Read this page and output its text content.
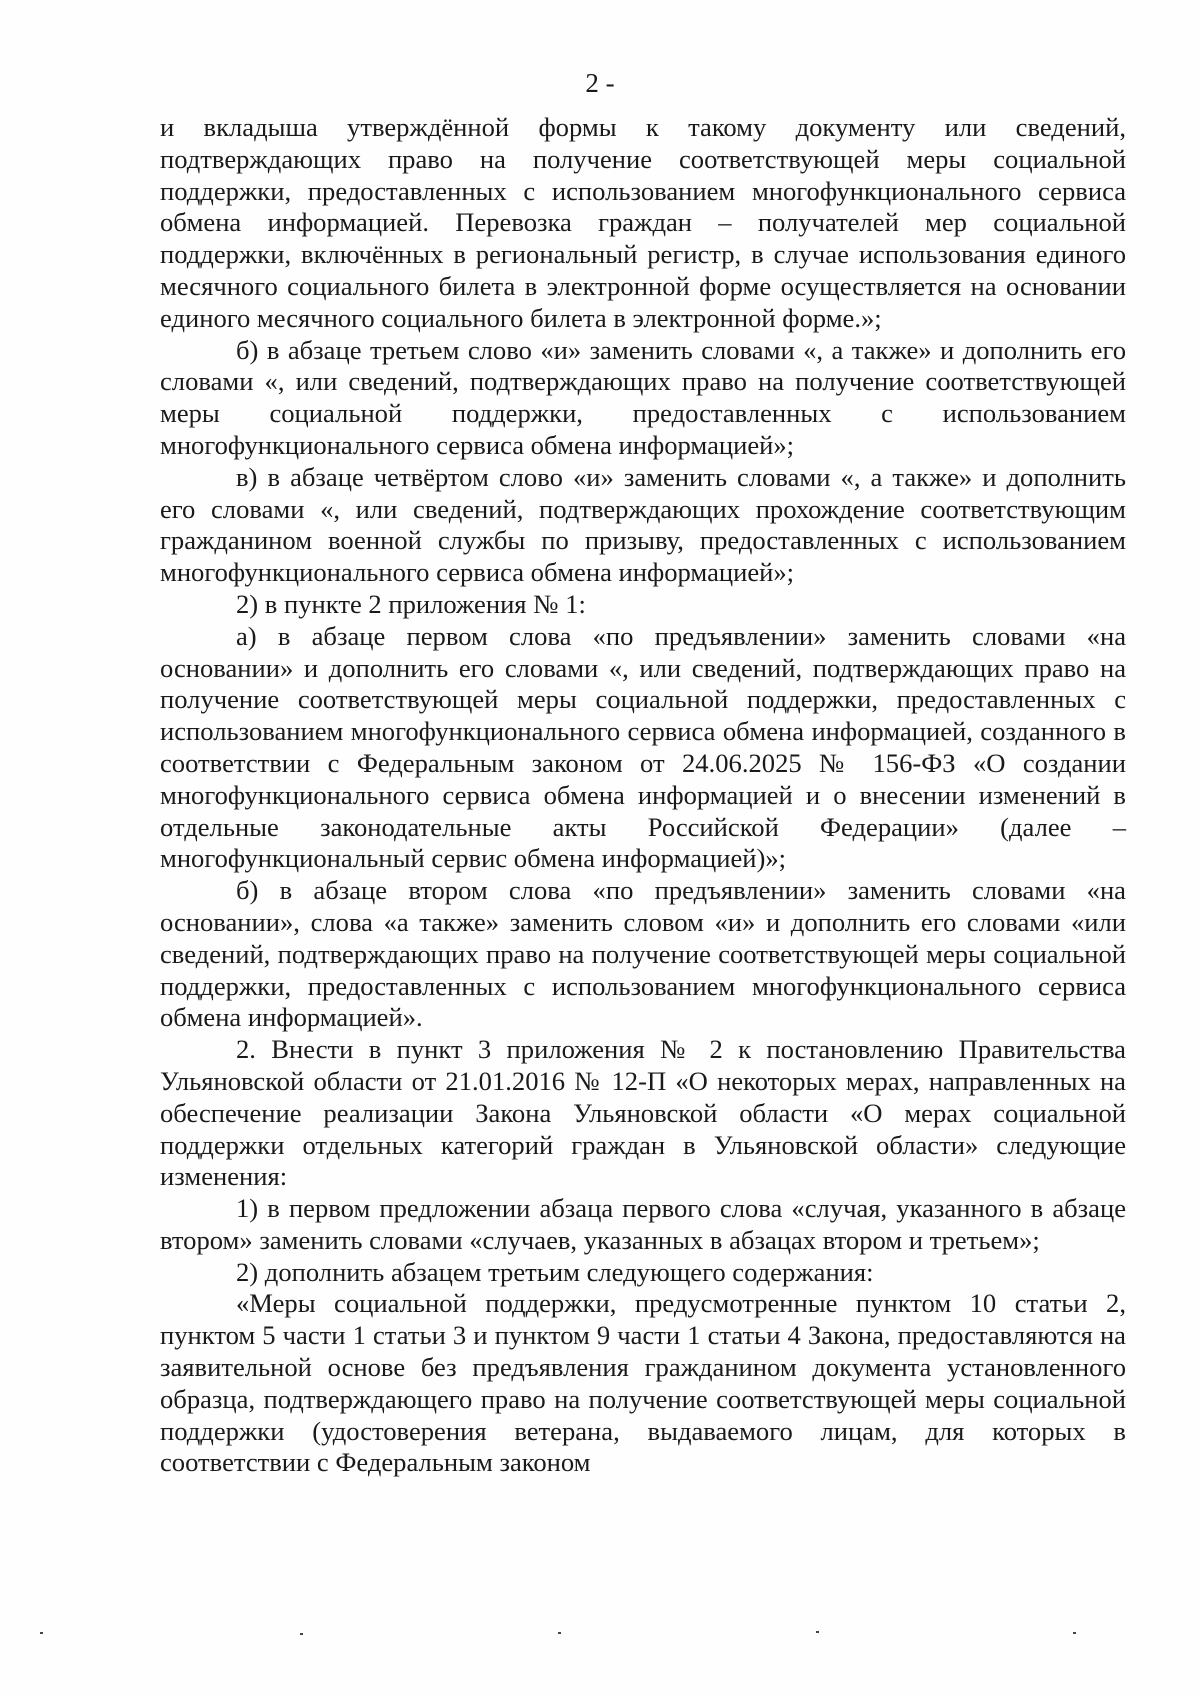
2 -

и вкладыша утверждённой формы к такому документу или сведений, подтверждающих право на получение соответствующей меры социальной поддержки, предоставленных с использованием многофункционального сервиса обмена информацией. Перевозка граждан – получателей мер социальной поддержки, включённых в региональный регистр, в случае использования единого месячного социального билета в электронной форме осуществляется на основании единого месячного социального билета в электронной форме.»;

б) в абзаце третьем слово «и» заменить словами «, а также» и дополнить его словами «, или сведений, подтверждающих право на получение соответствующей меры социальной поддержки, предоставленных с использованием многофункционального сервиса обмена информацией»;

в) в абзаце четвёртом слово «и» заменить словами «, а также» и дополнить его словами «, или сведений, подтверждающих прохождение соответствующим гражданином военной службы по призыву, предоставленных с использованием многофункционального сервиса обмена информацией»;

2) в пункте 2 приложения № 1:

а) в абзаце первом слова «по предъявлении» заменить словами «на основании» и дополнить его словами «, или сведений, подтверждающих право на получение соответствующей меры социальной поддержки, предоставленных с использованием многофункционального сервиса обмена информацией, созданного в соответствии с Федеральным законом от 24.06.2025 № 156-ФЗ «О создании многофункционального сервиса обмена информацией и о внесении изменений в отдельные законодательные акты Российской Федерации» (далее – многофункциональный сервис обмена информацией)»;

б) в абзаце втором слова «по предъявлении» заменить словами «на основании», слова «а также» заменить словом «и» и дополнить его словами «или сведений, подтверждающих право на получение соответствующей меры социальной поддержки, предоставленных с использованием многофункционального сервиса обмена информацией».

2. Внести в пункт 3 приложения № 2 к постановлению Правительства Ульяновской области от 21.01.2016 № 12-П «О некоторых мерах, направленных на обеспечение реализации Закона Ульяновской области «О мерах социальной поддержки отдельных категорий граждан в Ульяновской области» следующие изменения:

1) в первом предложении абзаца первого слова «случая, указанного в абзаце втором» заменить словами «случаев, указанных в абзацах втором и третьем»;

2) дополнить абзацем третьим следующего содержания:

«Меры социальной поддержки, предусмотренные пунктом 10 статьи 2, пунктом 5 части 1 статьи 3 и пунктом 9 части 1 статьи 4 Закона, предоставляются на заявительной основе без предъявления гражданином документа установленного образца, подтверждающего право на получение соответствующей меры социальной поддержки (удостоверения ветерана, выдаваемого лицам, для которых в соответствии с Федеральным законом
